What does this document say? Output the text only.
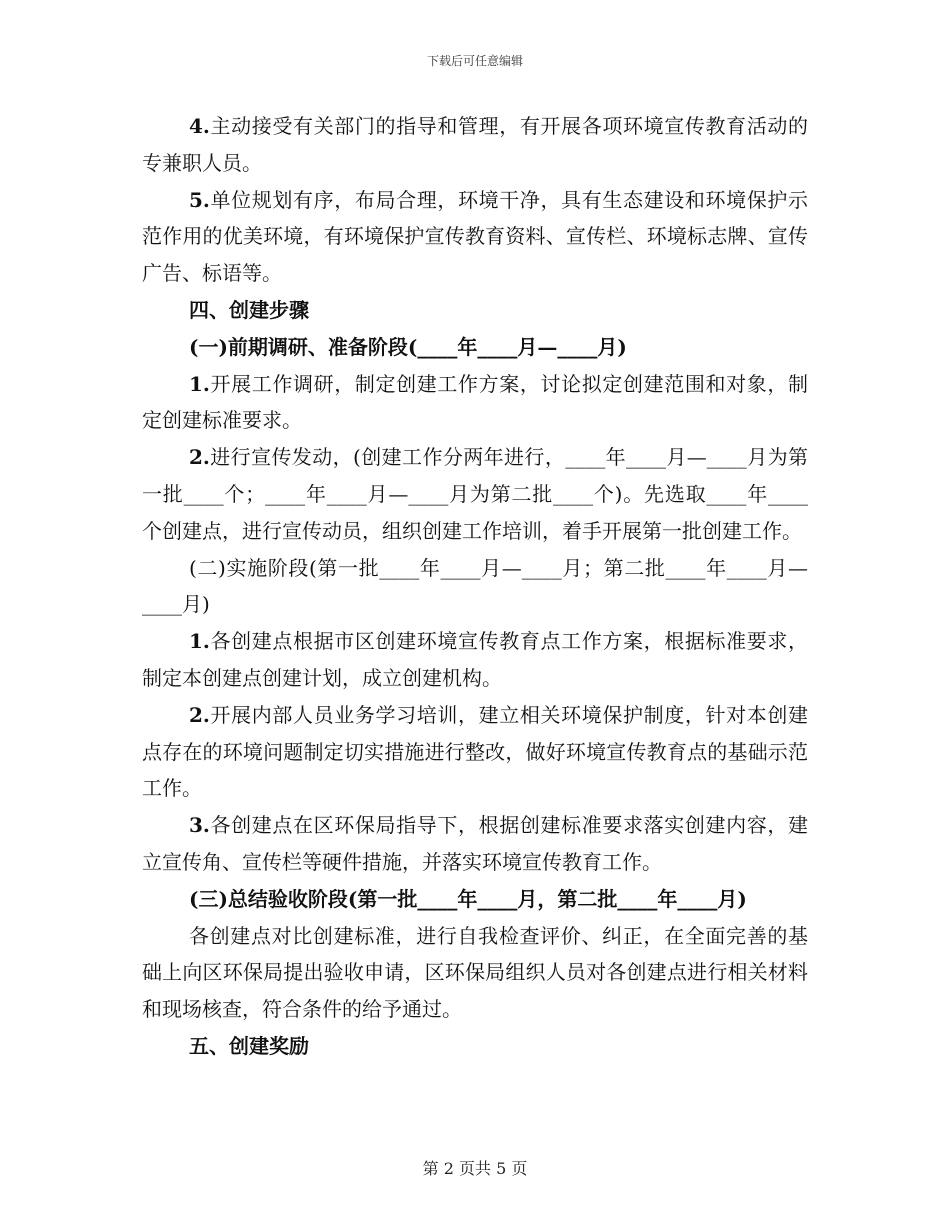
下载后可任意编辑

4.主动接受有关部门的指导和管理，有开展各项环境宣传教育活动的专兼职人员。

5.单位规划有序，布局合理，环境干净，具有生态建设和环境保护示范作用的优美环境，有环境保护宣传教育资料、宣传栏、环境标志牌、宣传广告、标语等。

四、创建步骤

(一)前期调研、准备阶段(____年____月—____月)

1.开展工作调研，制定创建工作方案，讨论拟定创建范围和对象，制定创建标准要求。

2.进行宣传发动，(创建工作分两年进行，____年____月—____月为第一批____个；____年____月—____月为第二批____个)。先选取____年____个创建点，进行宣传动员，组织创建工作培训，着手开展第一批创建工作。

(二)实施阶段(第一批____年____月—____月；第二批____年____月—____月)

1.各创建点根据市区创建环境宣传教育点工作方案，根据标准要求，制定本创建点创建计划，成立创建机构。

2.开展内部人员业务学习培训，建立相关环境保护制度，针对本创建点存在的环境问题制定切实措施进行整改，做好环境宣传教育点的基础示范工作。

3.各创建点在区环保局指导下，根据创建标准要求落实创建内容，建立宣传角、宣传栏等硬件措施，并落实环境宣传教育工作。

(三)总结验收阶段(第一批____年____月，第二批____年____月)

各创建点对比创建标准，进行自我检查评价、纠正，在全面完善的基础上向区环保局提出验收申请，区环保局组织人员对各创建点进行相关材料和现场核查，符合条件的给予通过。

五、创建奖励

第 2 页共 5 页
